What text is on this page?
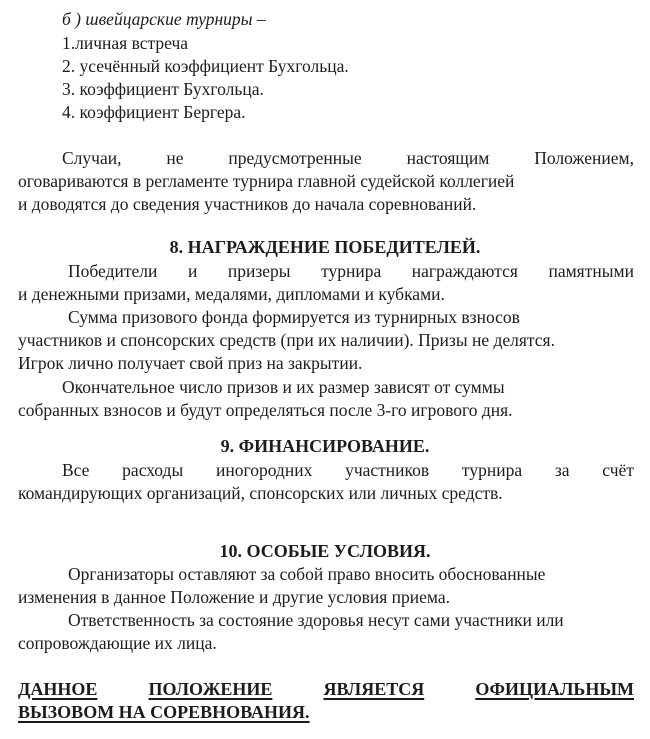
б ) швейцарские турниры –
1.личная встреча
2. усечённый коэффициент Бухгольца.
3. коэффициент Бухгольца.
4. коэффициент Бергера.
Случаи,	не	предусмотренные	настоящим	Положением,
оговариваются в регламенте турнира главной судейской коллегией
и доводятся до сведения участников до начала соревнований.
8. НАГРАЖДЕНИЕ ПОБЕДИТЕЛЕЙ.
Победители и призеры турнира награждаются памятными
и денежными призами, медалями, дипломами и кубками.
Сумма призового фонда формируется из турнирных взносов
участников и спонсорских средств (при их наличии). Призы не делятся.
Игрок лично получает свой приз на закрытии.
Окончательное число призов и их размер зависят от суммы
собранных взносов и будут определяться после 3-го игрового дня.
9. ФИНАНСИРОВАНИЕ.
Все расходы иногородних участников турнира за счёт
командирующих организаций, спонсорских или личных средств.
10. ОСОБЫЕ УСЛОВИЯ.
Организаторы оставляют за собой право вносить обоснованные
изменения в данное Положение и другие условия приема.
Ответственность за состояние здоровья несут сами участники или
сопровождающие их лица.
ДАННОЕ	ПОЛОЖЕНИЕ	ЯВЛЯЕТСЯ	ОФИЦИАЛЬНЫМ
ВЫЗОВОМ НА СОРЕВНОВАНИЯ.
